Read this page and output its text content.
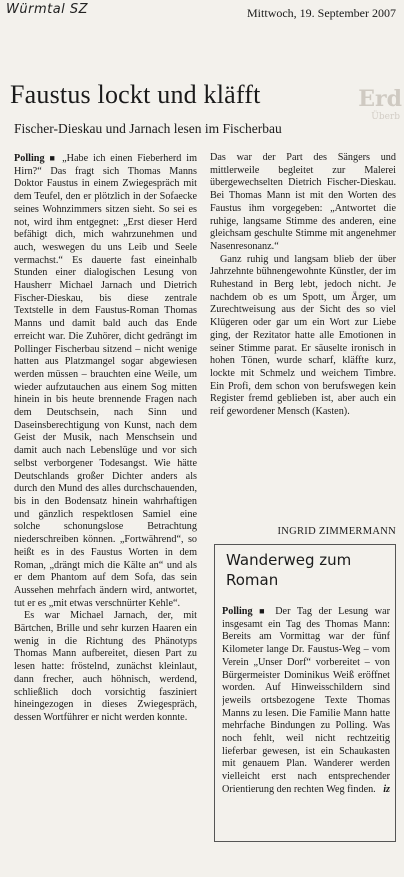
Würmtal SZ	Mittwoch, 19. September 2007
Erd
Überb
Faustus lockt und kläfft
Fischer-Dieskau und Jarnach lesen im Fischerbau

Polling ■ „Habe ich einen Fieberherd im Hirn?“ Das fragt sich Thomas Manns Doktor Faustus in einem Zwiegespräch mit dem Teufel, den er plötzlich in der Sofaecke seines Wohnzimmers sitzen sieht. So sei es not, wird ihm entgegnet: „Erst dieser Herd befähigt dich, mich wahrzunehmen und auch, weswegen du uns Leib und Seele vermachst.“ Es dauerte fast eineinhalb Stunden einer dialogischen Lesung von Hausherr Michael Jarnach und Dietrich Fischer-Dieskau, bis diese zentrale Textstelle in dem Faustus-Roman Thomas Manns und damit bald auch das Ende erreicht war. Die Zuhörer, dicht gedrängt im Pollinger Fischerbau sitzend – nicht wenige hatten aus Platzmangel sogar abgewiesen werden müssen – brauchten eine Weile, um wieder aufzutauchen aus einem Sog mitten hinein in bis heute brennende Fragen nach dem Deutschsein, nach Sinn und Daseinsberechtigung von Kunst, nach dem Geist der Musik, nach Menschsein und damit auch nach Lebenslüge und vor sich selbst verborgener Todesangst. Wie hätte Deutschlands großer Dichter anders als durch den Mund des alles durchschauenden, bis in den Bodensatz hinein wahrhaftigen und gänzlich respektlosen Samiel eine solche schonungslose Betrachtung niederschreiben können. „Fortwährend“, so heißt es in des Faustus Worten in dem Roman, „drängt mich die Kälte an“ und als er dem Phantom auf dem Sofa, das sein Aussehen mehrfach ändern wird, antwortet, tut er es „mit etwas verschnürter Kehle“.

Es war Michael Jarnach, der, mit Bärtchen, Brille und sehr kurzen Haaren ein wenig in die Richtung des Phänotyps Thomas Mann aufbereitet, diesen Part zu lesen hatte: fröstelnd, zunächst kleinlaut, dann frecher, auch höhnisch, werdend, schließlich doch vorsichtig fasziniert hineingezogen in dieses Zwiegespräch, dessen Wortführer er nicht werden konnte.

Das war der Part des Sängers und mittlerweile begleitet zur Malerei übergewechselten Dietrich Fischer-Dieskau. Bei Thomas Mann ist mit den Worten des Faustus ihm vorgegeben: „Antwortet die ruhige, langsame Stimme des anderen, eine gleichsam geschulte Stimme mit angenehmer Nasenresonanz.“

Ganz ruhig und langsam blieb der über Jahrzehnte bühnengewohnte Künstler, der im Ruhestand in Berg lebt, jedoch nicht. Je nachdem ob es um Spott, um Ärger, um Zurechtweisung aus der Sicht des so viel Klügeren oder gar um ein Wort zur Liebe ging, der Rezitator hatte alle Emotionen in seiner Stimme parat. Er säuselte ironisch in hohen Tönen, wurde scharf, kläffte kurz, lockte mit Schmelz und weichem Timbre. Ein Profi, dem schon von berufswegen kein Register fremd geblieben ist, aber auch ein reif gewordener Mensch (Kasten).

INGRID ZIMMERMANN
Wanderweg zum Roman

Polling ■ Der Tag der Lesung war insgesamt ein Tag des Thomas Mann: Bereits am Vormittag war der fünf Kilometer lange Dr. Faustus-Weg – vom Verein „Unser Dorf“ vorbereitet – von Bürgermeister Dominikus Weiß eröffnet worden. Auf Hinweisschildern sind jeweils ortsbezogene Texte Thomas Manns zu lesen. Die Familie Mann hatte mehrfache Bindungen zu Polling. Was noch fehlt, weil nicht rechtzeitig lieferbar gewesen, ist ein Schaukasten mit genauem Plan. Wanderer werden vielleicht erst nach entsprechender Orientierung den rechten Weg finden. iz
